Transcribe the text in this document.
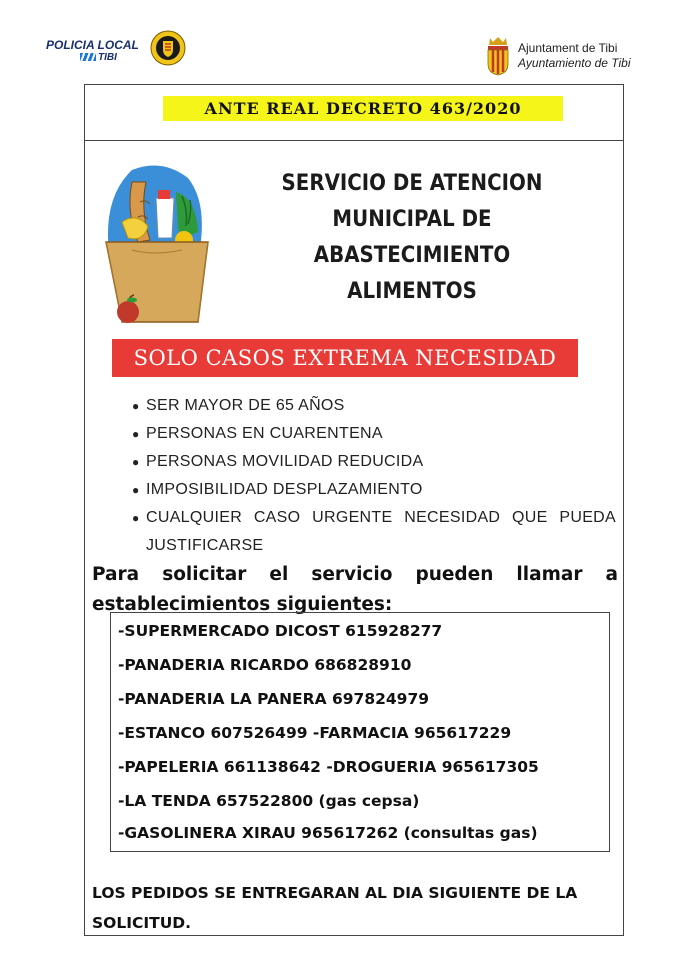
POLICIA LOCAL
TIBI
Ajuntament de Tibi
Ayuntamiento de Tibi
ANTE REAL DECRETO 463/2020
SERVICIO DE ATENCION
MUNICIPAL DE
ABASTECIMIENTO
ALIMENTOS
SOLO CASOS EXTREMA NECESIDAD
● SER MAYOR DE 65 AÑOS
● PERSONAS EN CUARENTENA
● PERSONAS MOVILIDAD REDUCIDA
● IMPOSIBILIDAD DESPLAZAMIENTO
● CUALQUIER CASO URGENTE NECESIDAD QUE PUEDA JUSTIFICARSE
Para solicitar el servicio pueden llamar a establecimientos siguientes:
-SUPERMERCADO DICOST 615928277
-PANADERIA RICARDO 686828910
-PANADERIA LA PANERA 697824979
-ESTANCO 607526499 -FARMACIA 965617229
-PAPELERIA 661138642 -DROGUERIA 965617305
-LA TENDA 657522800 (gas cepsa)
-GASOLINERA XIRAU 965617262 (consultas gas)
LOS PEDIDOS SE ENTREGARAN AL DIA SIGUIENTE DE LA SOLICITUD.
